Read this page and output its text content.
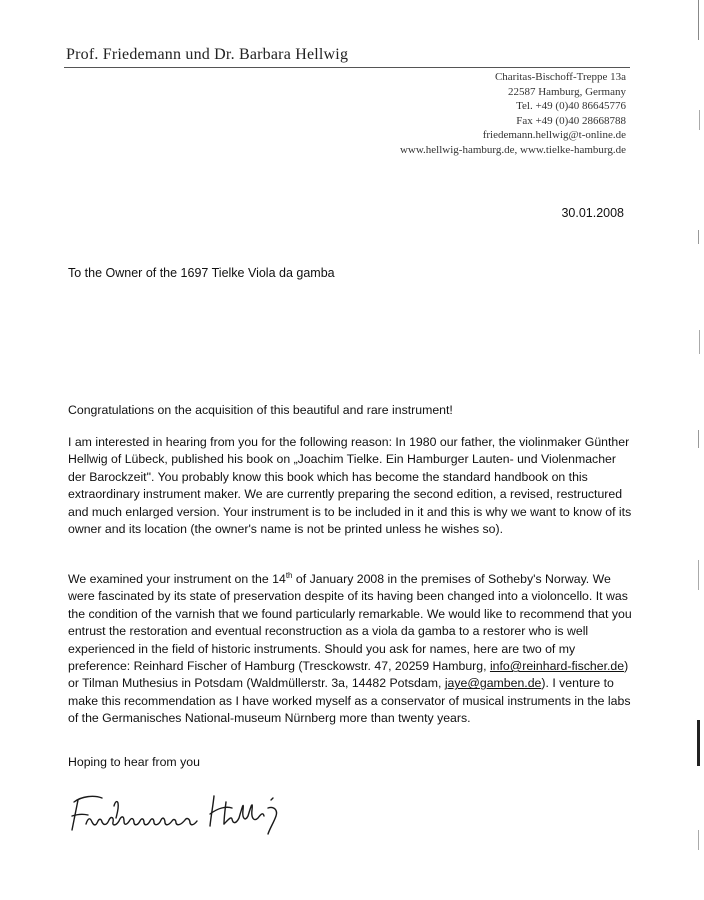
Prof. Friedemann und Dr. Barbara Hellwig
Charitas-Bischoff-Treppe 13a
22587 Hamburg, Germany
Tel. +49 (0)40 86645776
Fax +49 (0)40 28668788
friedemann.hellwig@t-online.de
www.hellwig-hamburg.de, www.tielke-hamburg.de
30.01.2008
To the Owner of the 1697 Tielke Viola da gamba

Congratulations on the acquisition of this beautiful and rare instrument!

I am interested in hearing from you for the following reason: In 1980 our father, the violinmaker Günther Hellwig of Lübeck, published his book on „Joachim Tielke. Ein Hamburger Lauten- und Violenmacher der Barockzeit". You probably know this book which has become the standard handbook on this extraordinary instrument maker. We are currently preparing the second edition, a revised, restructured and much enlarged version. Your instrument is to be included in it and this is why we want to know of its owner and its location (the owner's name is not be printed unless he wishes so).

We examined your instrument on the 14th of January 2008 in the premises of Sotheby's Norway. We were fascinated by its state of preservation despite of its having been changed into a violoncello. It was the condition of the varnish that we found particularly remarkable. We would like to recommend that you entrust the restoration and eventual reconstruction as a viola da gamba to a restorer who is well experienced in the field of historic instruments. Should you ask for names, here are two of my preference: Reinhard Fischer of Hamburg (Tresckowstr. 47, 20259 Hamburg, info@reinhard-fischer.de) or Tilman Muthesius in Potsdam (Waldmüllerstr. 3a, 14482 Potsdam, jaye@gamben.de). I venture to make this recommendation as I have worked myself as a conservator of musical instruments in the labs of the Germanisches National-museum Nürnberg more than twenty years.

Hoping to hear from you
